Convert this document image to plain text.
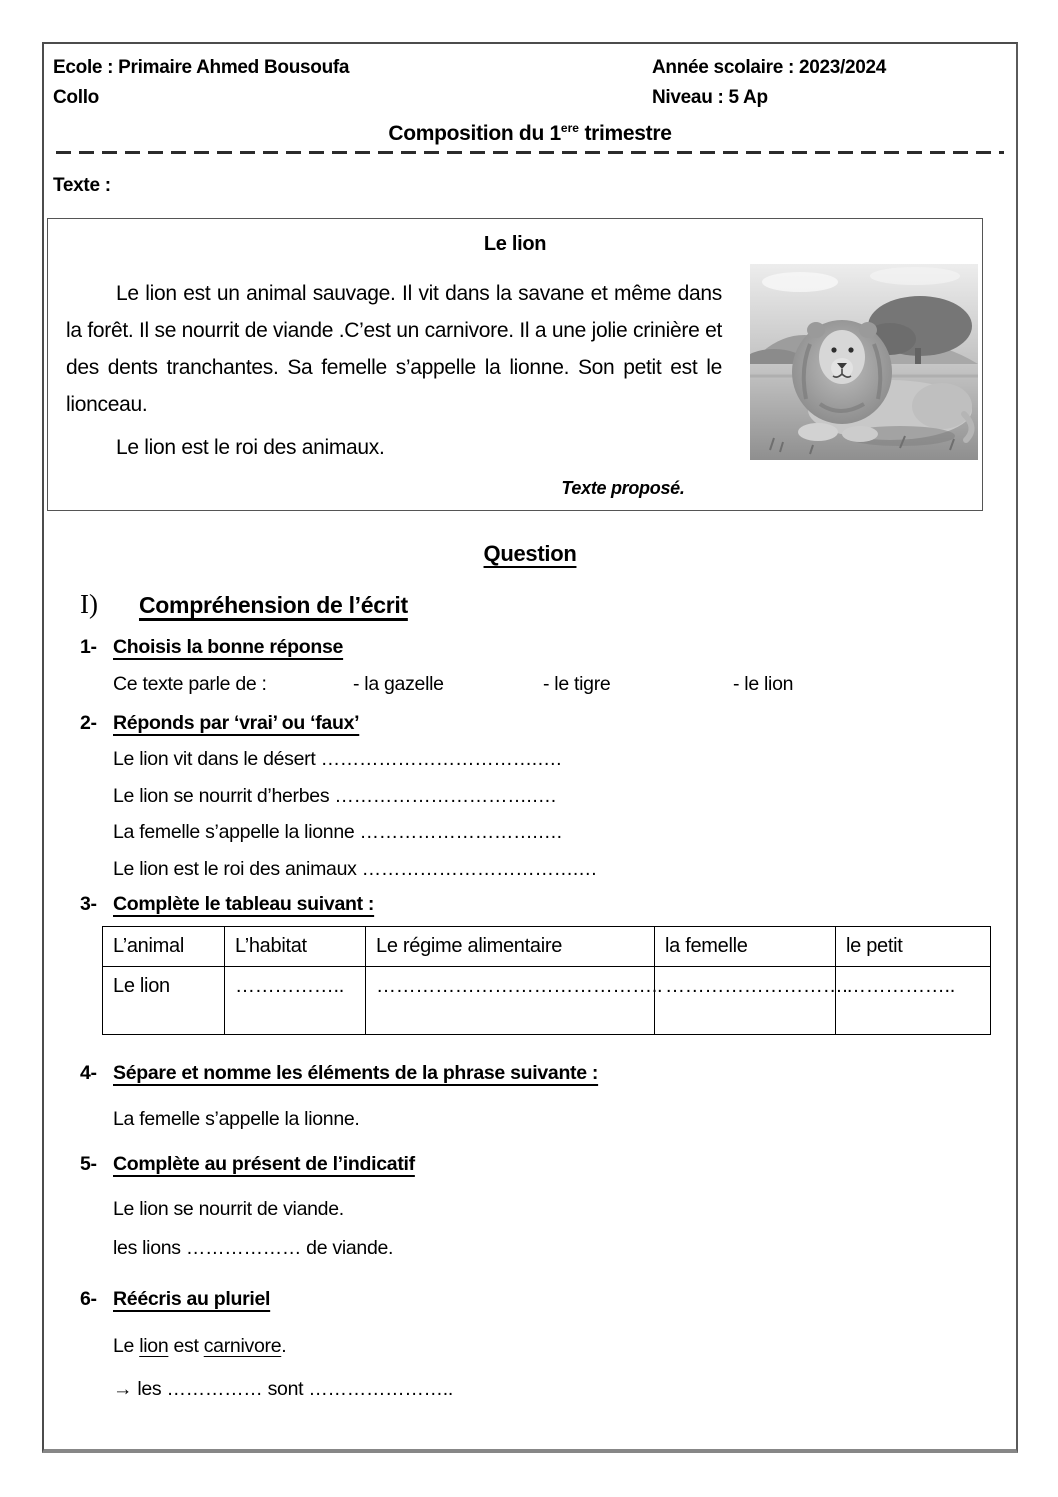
Ecole : Primaire Ahmed Bousoufa
Collo
Année scolaire : 2023/2024
Niveau : 5 Ap
Composition du 1ere trimestre
Texte :
Le lion

Le lion est un animal sauvage. Il vit dans la savane et même dans la forêt. Il se nourrit de viande .C’est un carnivore. Il a une jolie crinière et des dents tranchantes. Sa femelle s’appelle la lionne. Son petit est le lionceau.

Le lion est le roi des animaux.

Texte proposé.
Question
I) Compréhension de l’écrit
1- Choisis la bonne réponse
Ce texte parle de :	- la gazelle	- le tigre	- le lion
2- Réponds par ‘vrai’ ou ‘faux’
Le lion vit dans le désert …………………………….….
Le lion se nourrit d’herbes ………………………….….
La femelle s’appelle la lionne ……………………….….
Le lion est le roi des animaux …………………………….…
3- Complète le tableau suivant :
L’animal	L’habitat	Le régime alimentaire	la femelle	le petit
Le lion	……………..	……………………………………..	……………………….	……………..
4- Sépare et nomme les éléments de la phrase suivante :
La femelle s’appelle la lionne.
5- Complète au présent de l’indicatif
Le lion se nourrit de viande.
les lions ……………… de viande.
6- Réécris au pluriel
Le lion est carnivore.
→ les …………… sont …………………..
